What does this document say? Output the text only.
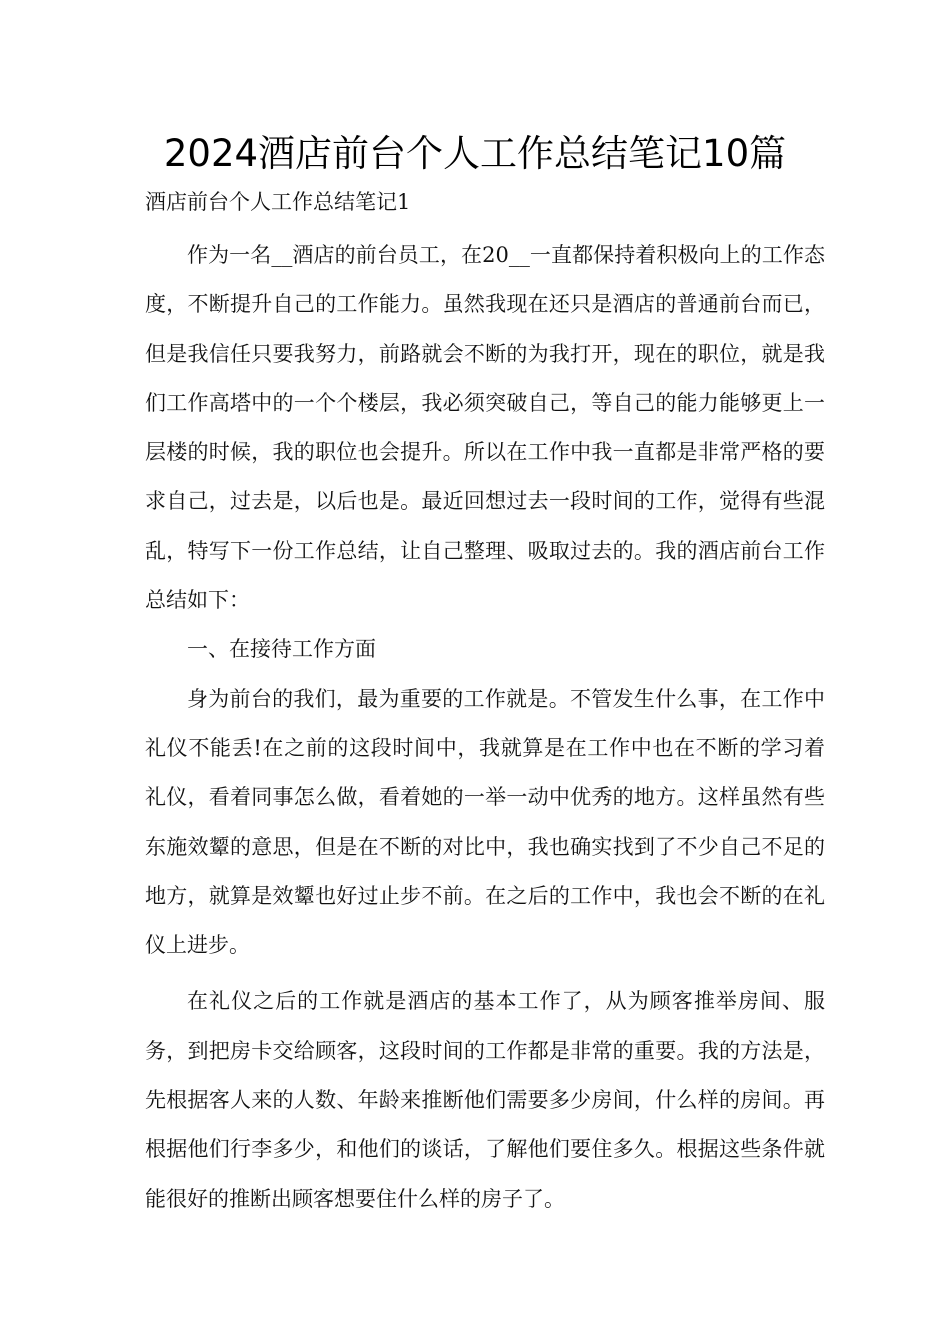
2024酒店前台个人工作总结笔记10篇

酒店前台个人工作总结笔记1

作为一名__酒店的前台员工，在20__一直都保持着积极向上的工作态度，不断提升自己的工作能力。虽然我现在还只是酒店的普通前台而已，但是我信任只要我努力，前路就会不断的为我打开，现在的职位，就是我们工作高塔中的一个个楼层，我必须突破自己，等自己的能力能够更上一层楼的时候，我的职位也会提升。所以在工作中我一直都是非常严格的要求自己，过去是，以后也是。最近回想过去一段时间的工作，觉得有些混乱，特写下一份工作总结，让自己整理、吸取过去的。我的酒店前台工作总结如下：

一、在接待工作方面

身为前台的我们，最为重要的工作就是。不管发生什么事，在工作中礼仪不能丢!在之前的这段时间中，我就算是在工作中也在不断的学习着礼仪，看着同事怎么做，看着她的一举一动中优秀的地方。这样虽然有些东施效颦的意思，但是在不断的对比中，我也确实找到了不少自己不足的地方，就算是效颦也好过止步不前。在之后的工作中，我也会不断的在礼仪上进步。

在礼仪之后的工作就是酒店的基本工作了，从为顾客推举房间、服务，到把房卡交给顾客，这段时间的工作都是非常的重要。我的方法是，先根据客人来的人数、年龄来推断他们需要多少房间，什么样的房间。再根据他们行李多少，和他们的谈话，了解他们要住多久。根据这些条件就能很好的推断出顾客想要住什么样的房子了。
